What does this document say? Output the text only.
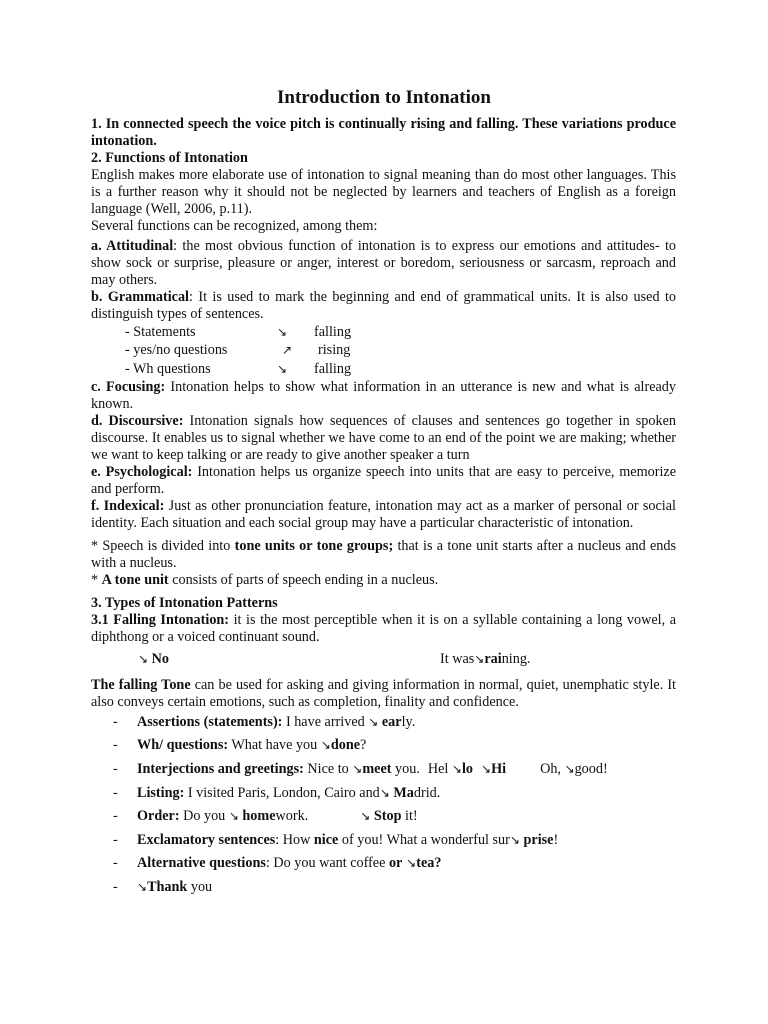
Introduction to Intonation

1. In connected speech the voice pitch is continually rising and falling. These variations produce intonation.

2. Functions of Intonation

English makes more elaborate use of intonation to signal meaning than do most other languages. This is a further reason why it should not be neglected by learners and teachers of English as a foreign language (Well, 2006, p.11).

Several functions can be recognized, among them:

a. Attitudinal: the most obvious function of intonation is to express our emotions and attitudes- to show sock or surprise, pleasure or anger, interest or boredom, seriousness or sarcasm, reproach and may others.

b. Grammatical: It is used to mark the beginning and end of grammatical units. It is also used to distinguish types of sentences.

- Statements	↘	falling
- yes/no questions	↗	rising
- Wh questions	↘	falling

c. Focusing: Intonation helps to show what information in an utterance is new and what is already known.

d. Discoursive: Intonation signals how sequences of clauses and sentences go together in spoken discourse. It enables us to signal whether we have come to an end of the point we are making; whether we want to keep talking or are ready to give another speaker a turn

e. Psychological: Intonation helps us organize speech into units that are easy to perceive, memorize and perform.

f. Indexical: Just as other pronunciation feature, intonation may act as a marker of personal or social identity. Each situation and each social group may have a particular characteristic of intonation.

* Speech is divided into tone units or tone groups; that is a tone unit starts after a nucleus and ends with a nucleus.

* A tone unit consists of parts of speech ending in a nucleus.

3. Types of Intonation Patterns

3.1 Falling Intonation: it is the most perceptible when it is on a syllable containing a long vowel, a diphthong or a voiced continuant sound.

↘ No	It was↘raining.

The falling Tone can be used for asking and giving information in normal, quiet, unemphatic style. It also conveys certain emotions, such as completion, finality and confidence.

-	Assertions (statements): I have arrived ↘ early.
-	Wh/ questions: What have you ↘done?
-	Interjections and greetings: Nice to ↘meet you. Hel ↘lo ↘Hi Oh, ↘good!
-	Listing: I visited Paris, London, Cairo and↘ Madrid.
-	Order: Do you ↘ homework.	↘ Stop it!
-	Exclamatory sentences: How nice of you! What a wonderful sur↘ prise!
-	Alternative questions: Do you want coffee or ↘tea?
-	↘Thank you
